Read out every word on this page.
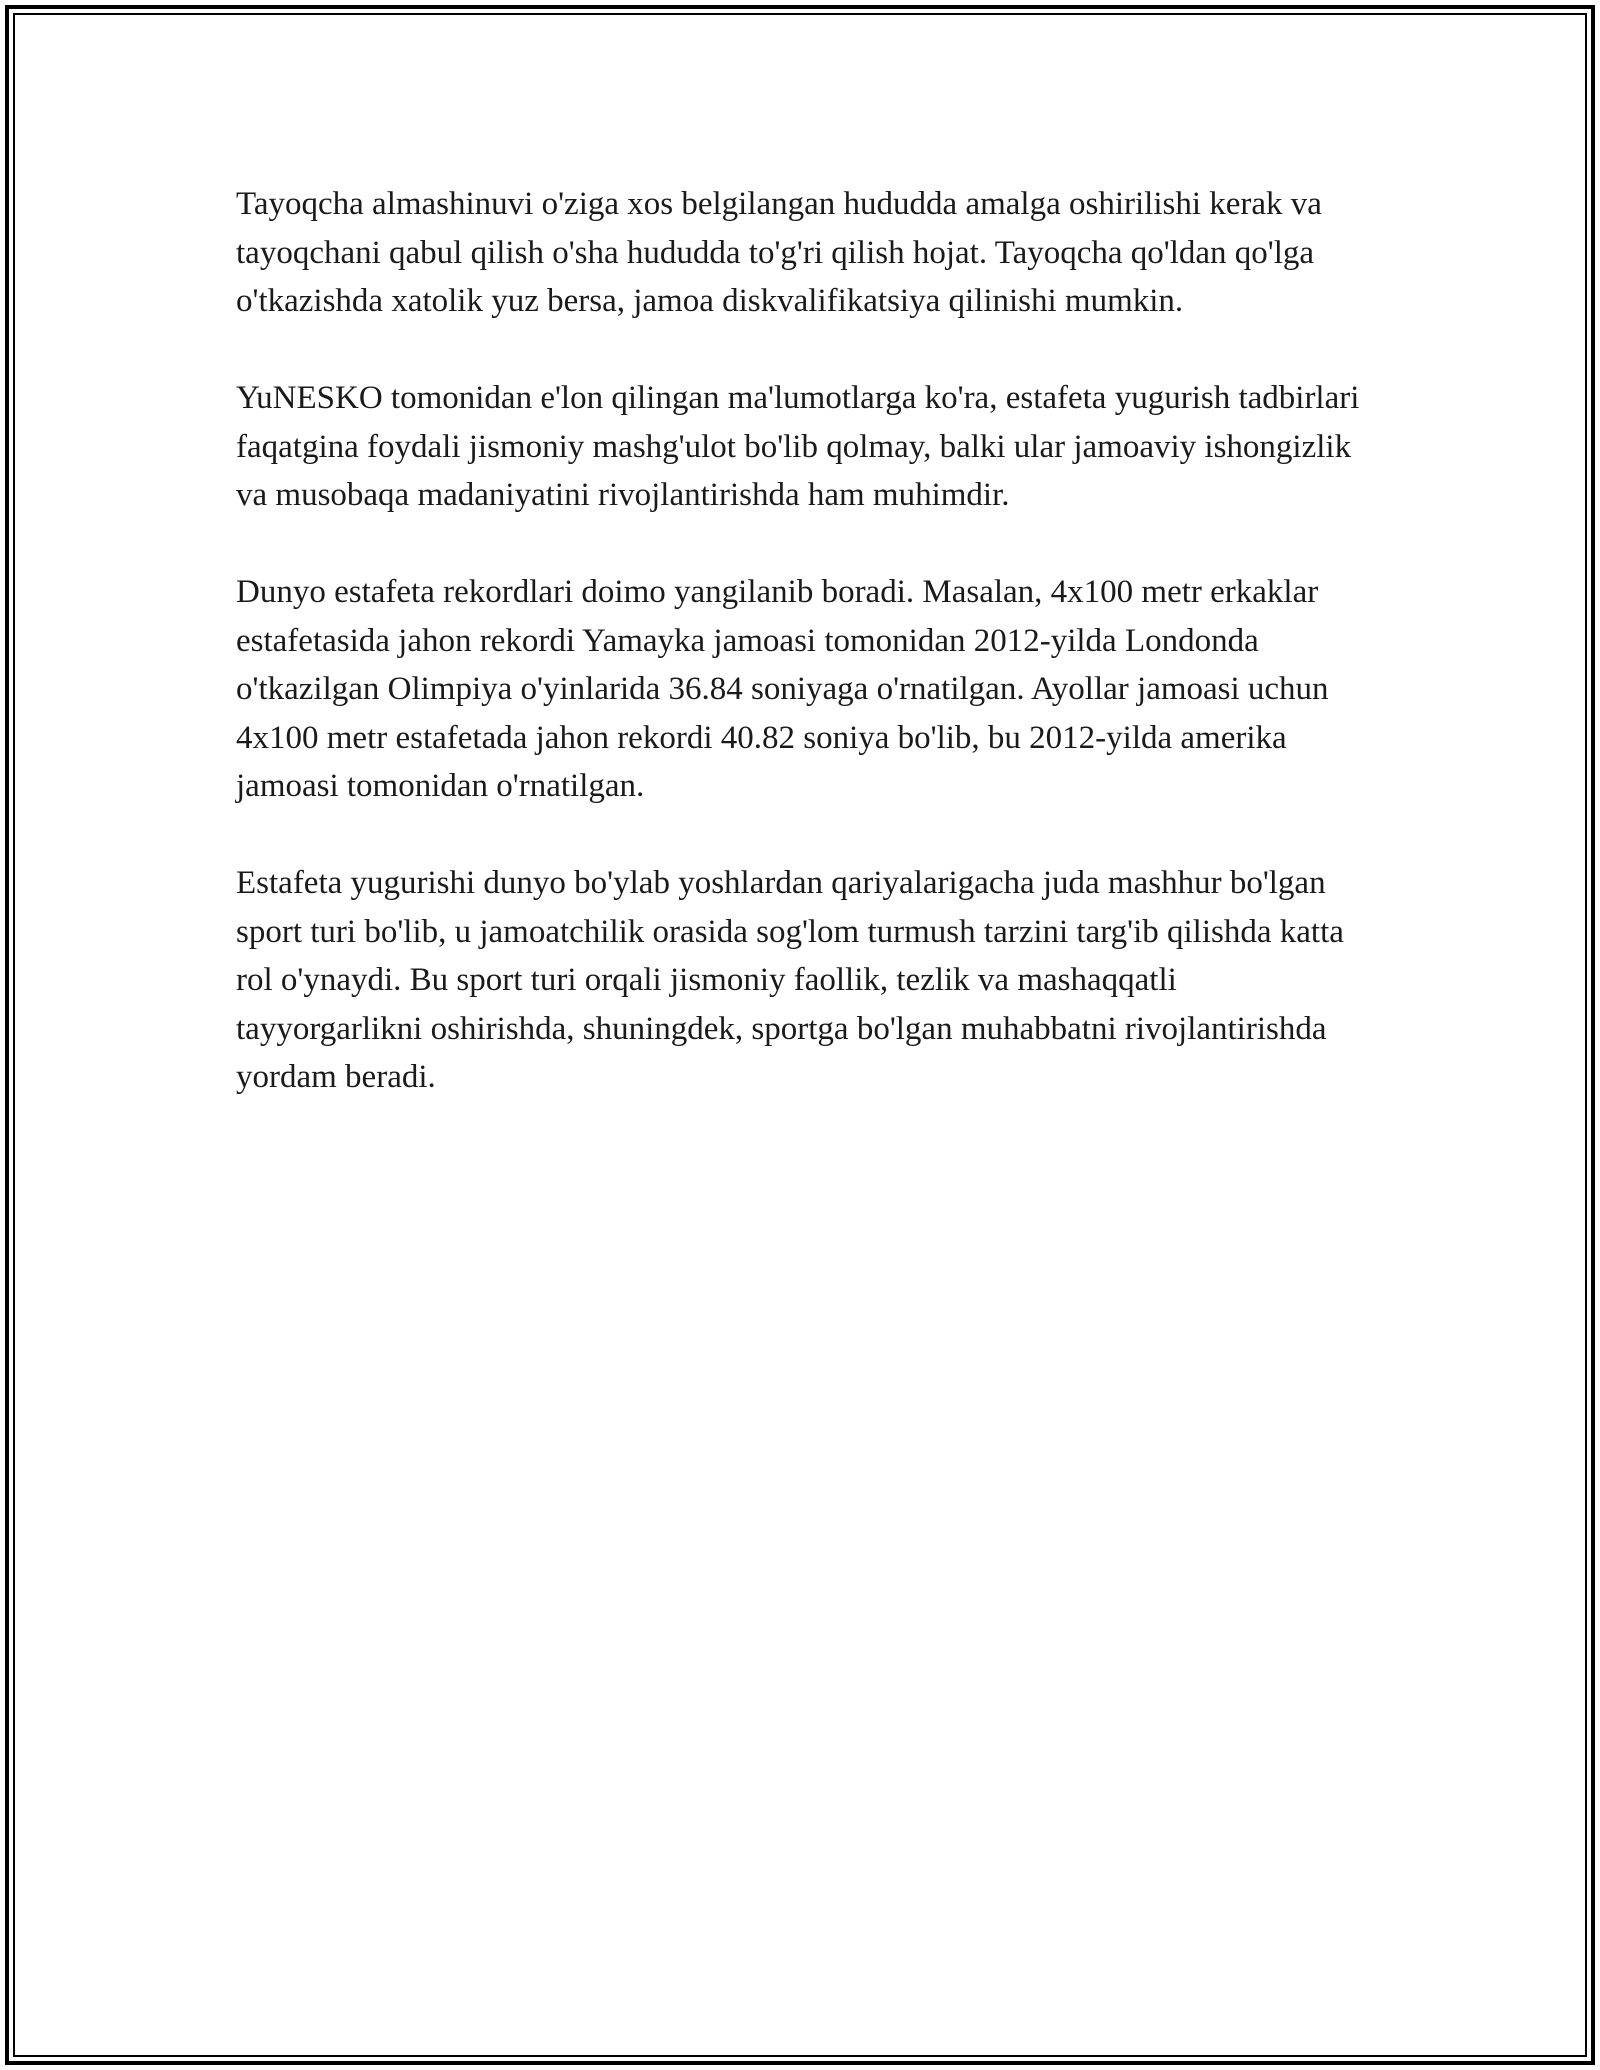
Tayoqcha almashinuvi o'ziga xos belgilangan hududda amalga oshirilishi kerak va tayoqchani qabul qilish o'sha hududda to'g'ri qilish hojat. Tayoqcha qo'ldan qo'lga o'tkazishda xatolik yuz bersa, jamoa diskvalifikatsiya qilinishi mumkin.

YuNESKO tomonidan e'lon qilingan ma'lumotlarga ko'ra, estafeta yugurish tadbirlari faqatgina foydali jismoniy mashg'ulot bo'lib qolmay, balki ular jamoaviy ishongizlik va musobaqa madaniyatini rivojlantirishda ham muhimdir.

Dunyo estafeta rekordlari doimo yangilanib boradi. Masalan, 4x100 metr erkaklar estafetasida jahon rekordi Yamayka jamoasi tomonidan 2012-yilda Londonda o'tkazilgan Olimpiya o'yinlarida 36.84 soniyaga o'rnatilgan. Ayollar jamoasi uchun 4x100 metr estafetada jahon rekordi 40.82 soniya bo'lib, bu 2012-yilda amerika jamoasi tomonidan o'rnatilgan.

Estafeta yugurishi dunyo bo'ylab yoshlardan qariyalarigacha juda mashhur bo'lgan sport turi bo'lib, u jamoatchilik orasida sog'lom turmush tarzini targ'ib qilishda katta rol o'ynaydi. Bu sport turi orqali jismoniy faollik, tezlik va mashaqqatli tayyorgarlikni oshirishda, shuningdek, sportga bo'lgan muhabbatni rivojlantirishda yordam beradi.
